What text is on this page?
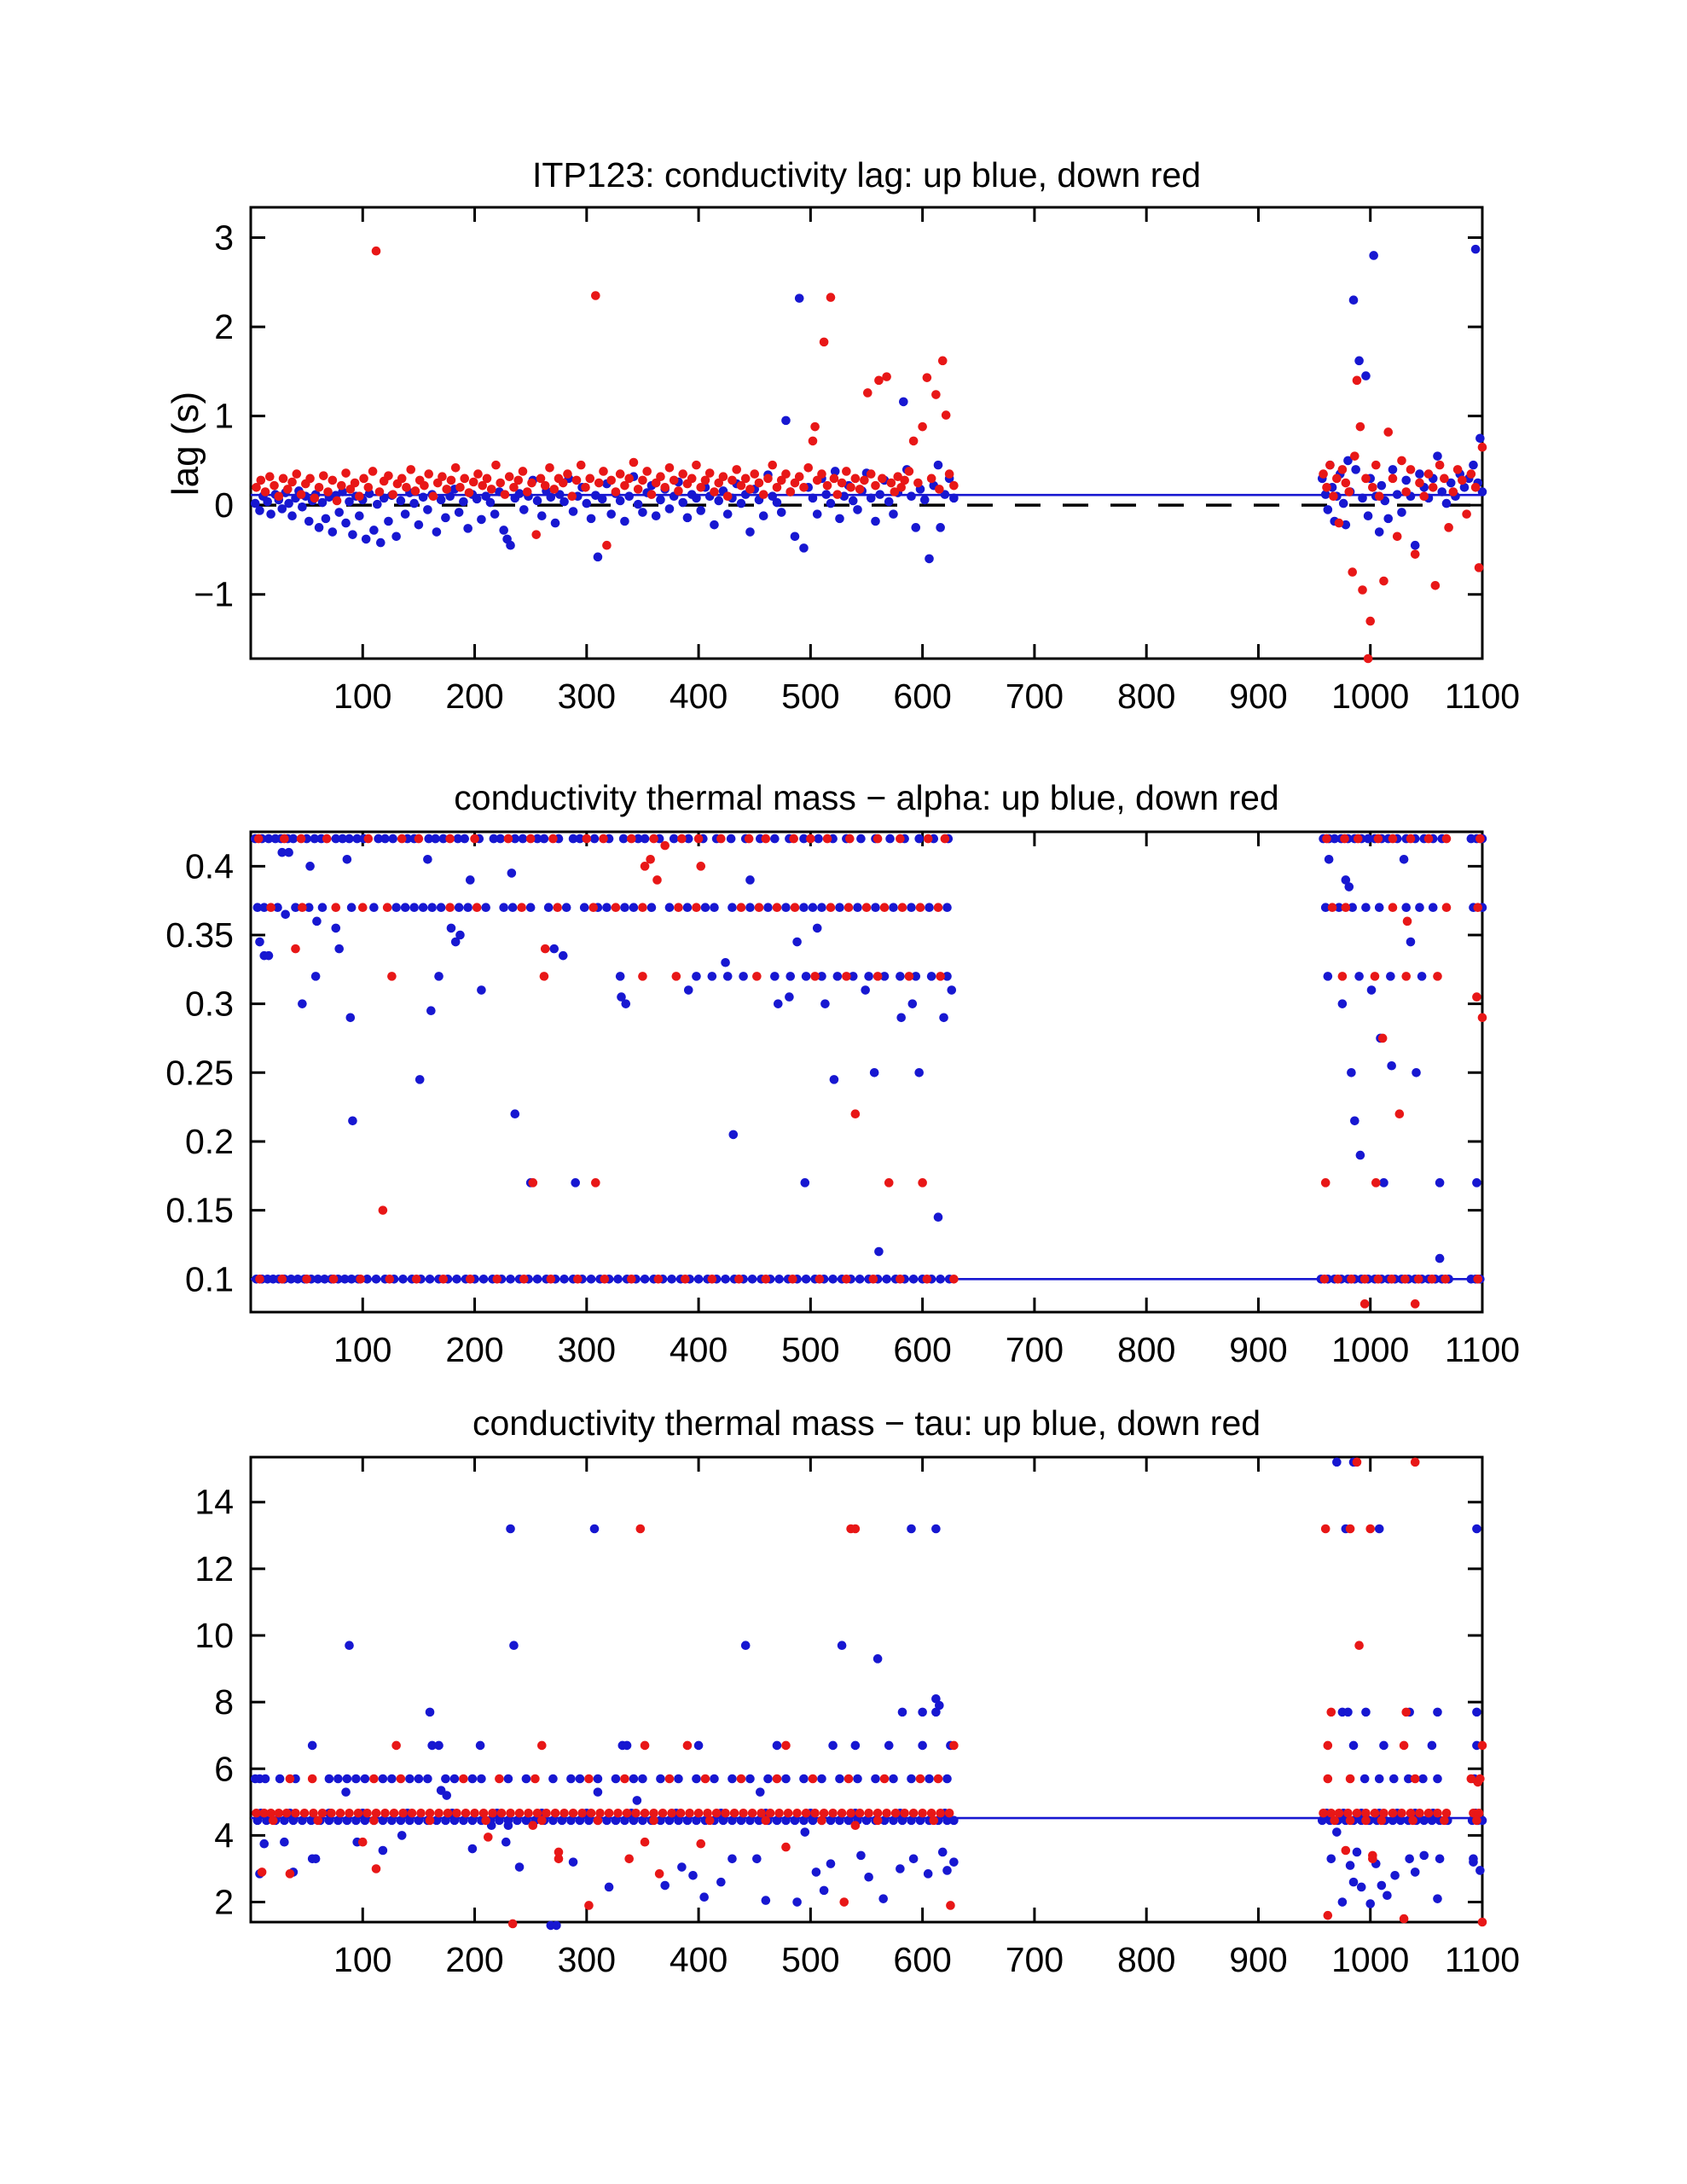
ITP123: conductivity lag: up blue, down red
conductivity thermal mass − alpha: up blue, down red
conductivity thermal mass − tau: up blue, down red
lag (s)
100 200 300 400 500 600 700 800 900 1000 1100
−1
0
1
2
3
100 200 300 400 500 600 700 800 900 1000 1100
0.1
0.15
0.2
0.25
0.3
0.35
0.4
100 200 300 400 500 600 700 800 900 1000 1100
2
4
6
8
10
12
14
